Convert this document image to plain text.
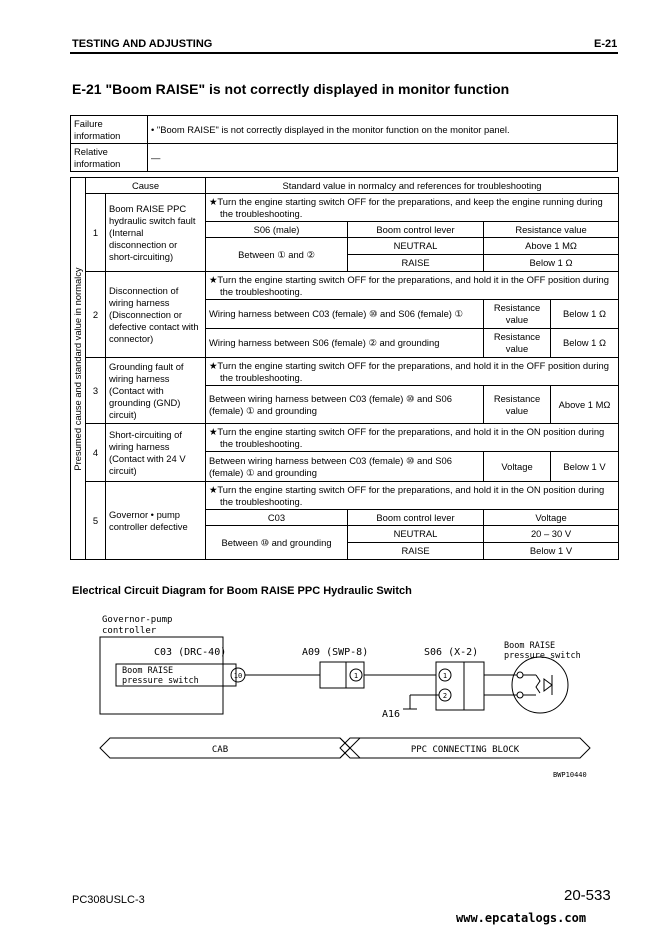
TESTING AND ADJUSTING	E-21
E-21 "Boom RAISE" is not correctly displayed in monitor function
Failure information	• "Boom RAISE" is not correctly displayed in the monitor function on the monitor panel.
Relative information	—
Presumed cause and standard value in normalcy	Cause		Standard value in normalcy and references for troubleshooting			
	1	Boom RAISE PPC hydraulic switch fault (Internal disconnection or short-circuiting)	★Turn the engine starting switch OFF for the preparations, and keep the engine running during the troubleshooting.			
			S06 (male)	Boom control lever	Resistance value	
			Between ① and ②	NEUTRAL	Above 1 MΩ	
				RAISE	Below 1 Ω	
	2	Disconnection of wiring harness (Disconnection or defective contact with connector)	★Turn the engine starting switch OFF for the preparations, and hold it in the OFF position during the troubleshooting.			
			Wiring harness between C03 (female) ⑩ and S06 (female) ①		Resistance value	Below 1 Ω
			Wiring harness between S06 (female) ② and grounding		Resistance value	Below 1 Ω
	3	Grounding fault of wiring harness (Contact with grounding (GND) circuit)	★Turn the engine starting switch OFF for the preparations, and hold it in the OFF position during the troubleshooting.			
			Between wiring harness between C03 (female) ⑩ and S06 (female) ① and grounding		Resistance value	Above 1 MΩ
	4	Short-circuiting of wiring harness (Contact with 24 V circuit)	★Turn the engine starting switch OFF for the preparations, and hold it in the ON position during the troubleshooting.			
			Between wiring harness between C03 (female) ⑩ and S06 (female) ① and grounding		Voltage	Below 1 V
	5	Governor • pump controller defective	★Turn the engine starting switch OFF for the preparations, and hold it in the ON position during the troubleshooting.			
			C03	Boom control lever	Voltage	
			Between ⑩ and grounding	NEUTRAL	20 – 30 V	
				RAISE	Below 1 V	
Electrical Circuit Diagram for Boom RAISE PPC Hydraulic Switch
Governor-pump
controller
C03 (DRC-40)
Boom RAISE
pressure switch	10
A09 (SWP-8)
1
S06 (X-2)
1
2
A16
Boom RAISE
pressure switch
CAB	PPC CONNECTING BLOCK
BWP10440
PC308USLC-3	20-533
www.epcatalogs.com
